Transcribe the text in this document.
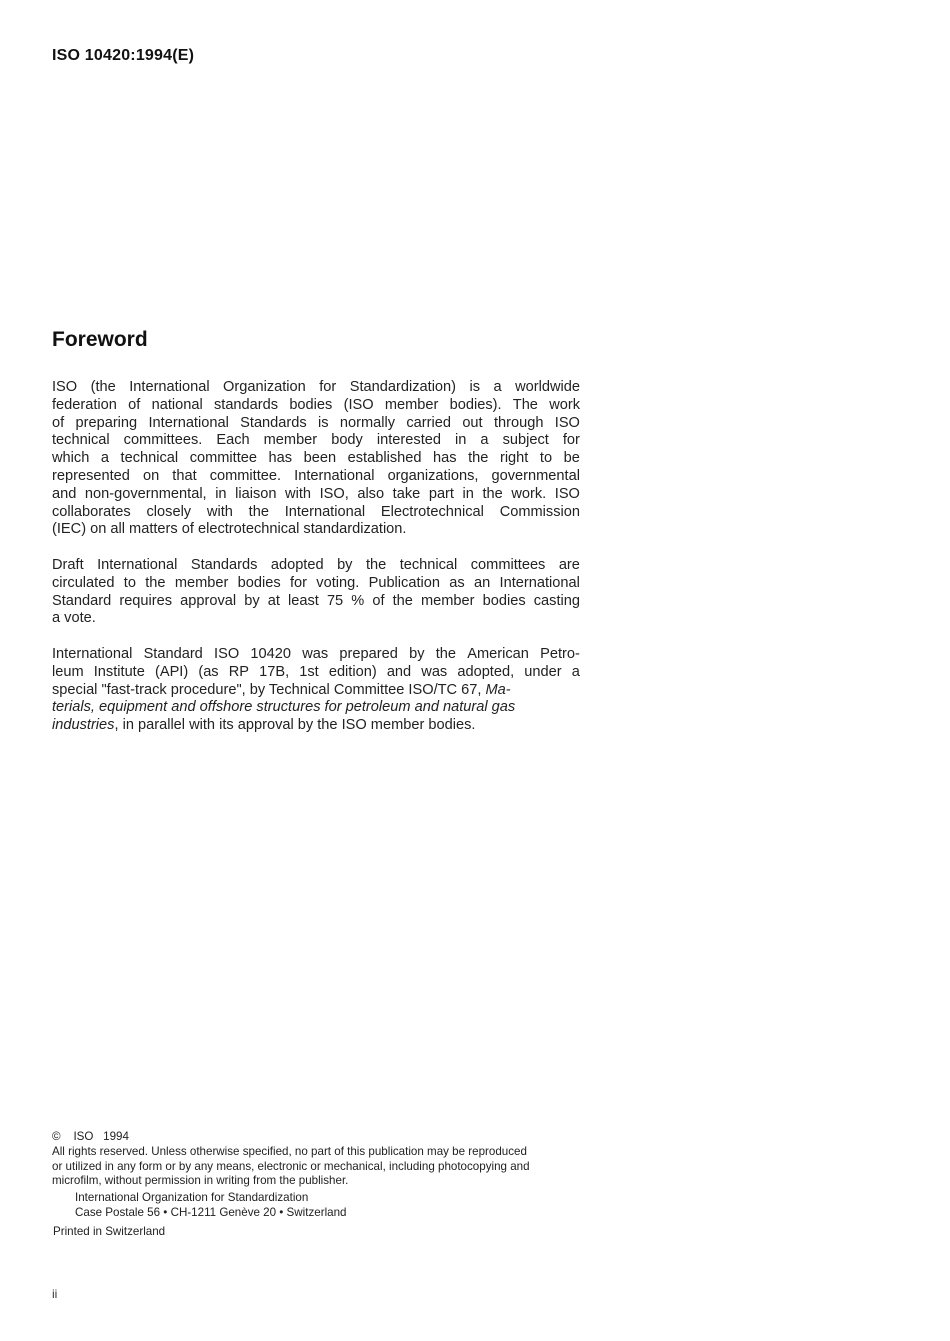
ISO 10420:1994(E)
Foreword
ISO (the International Organization for Standardization) is a worldwide
federation of national standards bodies (ISO member bodies). The work
of preparing International Standards is normally carried out through ISO
technical committees. Each member body interested in a subject for
which a technical committee has been established has the right to be
represented on that committee. International organizations, governmental
and non-governmental, in liaison with ISO, also take part in the work. ISO
collaborates closely with the International Electrotechnical Commission
(IEC) on all matters of electrotechnical standardization.
Draft International Standards adopted by the technical committees are
circulated to the member bodies for voting. Publication as an International
Standard requires approval by at least 75 % of the member bodies casting
a vote.
International Standard ISO 10420 was prepared by the American Petro-
leum Institute (API) (as RP 17B, 1st edition) and was adopted, under a
special "fast-track procedure", by Technical Committee ISO/TC 67, Ma-
terials, equipment and offshore structures for petroleum and natural gas
industries, in parallel with its approval by the ISO member bodies.
© ISO 1994
All rights reserved. Unless otherwise specified, no part of this publication may be reproduced
or utilized in any form or by any means, electronic or mechanical, including photocopying and
microfilm, without permission in writing from the publisher.
International Organization for Standardization
Case Postale 56 • CH-1211 Genève 20 • Switzerland
Printed in Switzerland
ii
